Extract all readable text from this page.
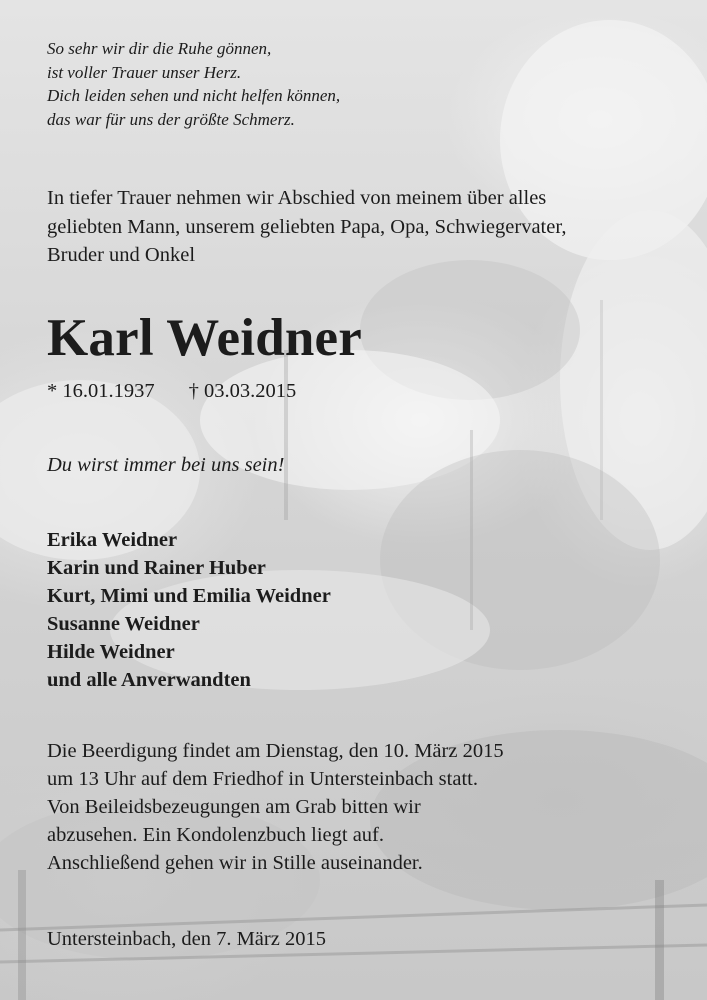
So sehr wir dir die Ruhe gönnen,
ist voller Trauer unser Herz.
Dich leiden sehen und nicht helfen können,
das war für uns der größte Schmerz.
In tiefer Trauer nehmen wir Abschied von meinem über alles
geliebten Mann, unserem geliebten Papa, Opa, Schwiegervater,
Bruder und Onkel
Karl Weidner
* 16.01.1937 † 03.03.2015
Du wirst immer bei uns sein!
Erika Weidner
Karin und Rainer Huber
Kurt, Mimi und Emilia Weidner
Susanne Weidner
Hilde Weidner
und alle Anverwandten
Die Beerdigung findet am Dienstag, den 10. März 2015
um 13 Uhr auf dem Friedhof in Untersteinbach statt.
Von Beileidsbezeugungen am Grab bitten wir
abzusehen. Ein Kondolenzbuch liegt auf.
Anschließend gehen wir in Stille auseinander.
Untersteinbach, den 7. März 2015
